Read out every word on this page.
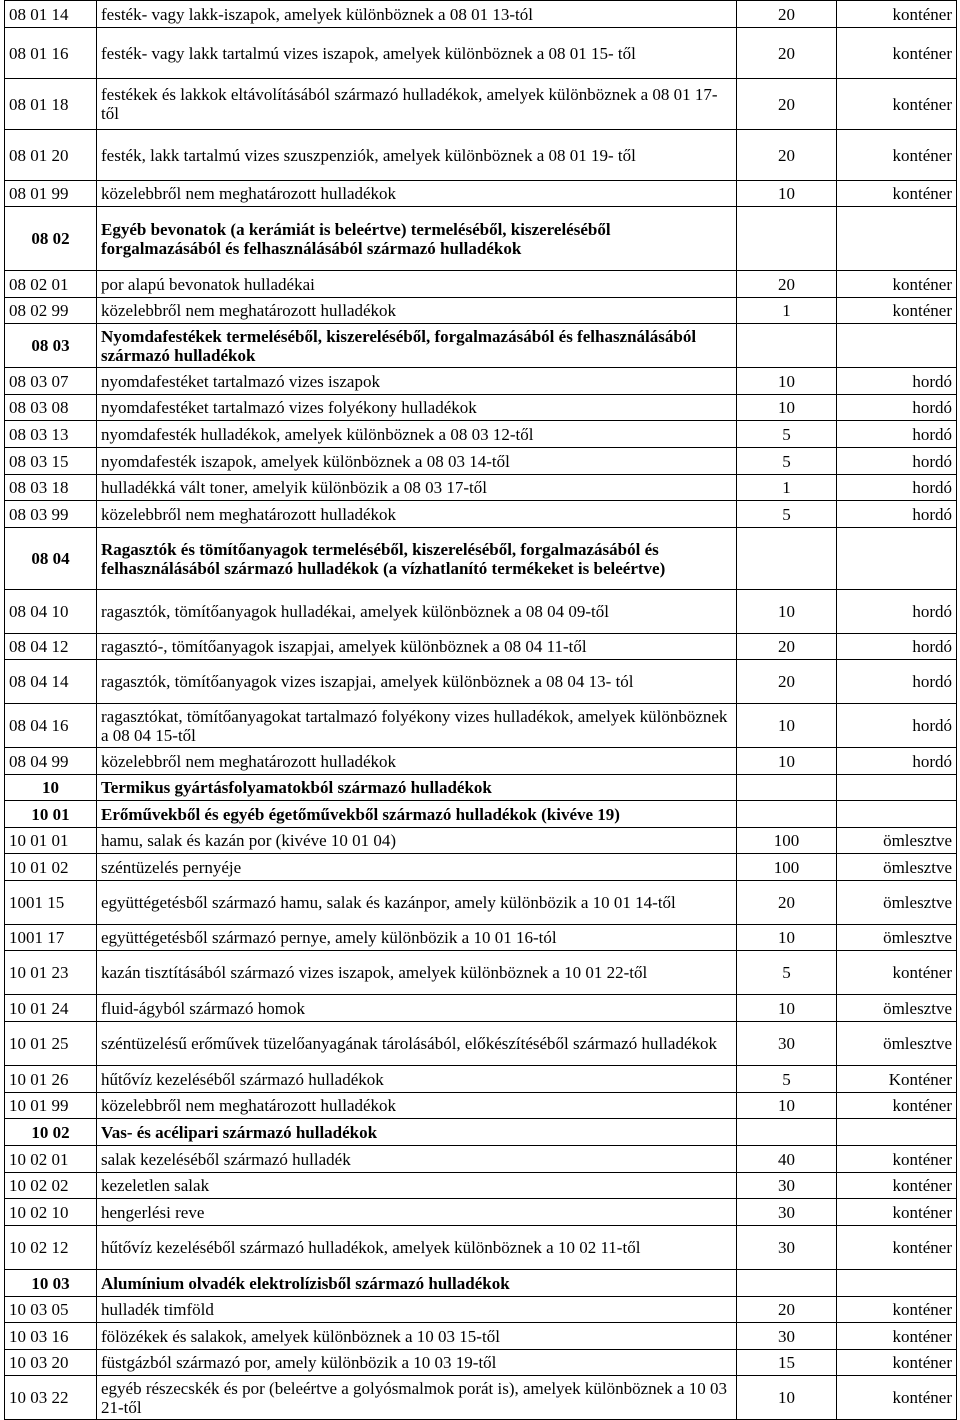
08 01 14	festék- vagy lakk-iszapok, amelyek különböznek a 08 01 13-tól	20	konténer
08 01 16	festék- vagy lakk tartalmú vizes iszapok, amelyek különböznek a 08 01 15- től	20	konténer
08 01 18	festékek és lakkok eltávolításából származó hulladékok, amelyek különböznek a 08 01 17-től	20	konténer
08 01 20	festék, lakk tartalmú vizes szuszpenziók, amelyek különböznek a 08 01 19- től	20	konténer
08 01 99	közelebbről nem meghatározott hulladékok	10	konténer
08 02	Egyéb bevonatok (a kerámiát is beleértve) termeléséből, kiszereléséből forgalmazásából és felhasználásából származó hulladékok		
08 02 01	por alapú bevonatok hulladékai	20	konténer
08 02 99	közelebbről nem meghatározott hulladékok	1	konténer
08 03	Nyomdafestékek termeléséből, kiszereléséből, forgalmazásából és felhasználásából származó hulladékok		
08 03 07	nyomdafestéket tartalmazó vizes iszapok	10	hordó
08 03 08	nyomdafestéket tartalmazó vizes folyékony hulladékok	10	hordó
08 03 13	nyomdafesték hulladékok, amelyek különböznek a 08 03 12-től	5	hordó
08 03 15	nyomdafesték iszapok, amelyek különböznek a 08 03 14-től	5	hordó
08 03 18	hulladékká vált toner, amelyik különbözik a 08 03 17-től	1	hordó
08 03 99	közelebbről nem meghatározott hulladékok	5	hordó
08 04	Ragasztók és tömítőanyagok termeléséből, kiszereléséből, forgalmazásából és felhasználásából származó hulladékok (a vízhatlanító termékeket is beleértve)		
08 04 10	ragasztók, tömítőanyagok hulladékai, amelyek különböznek a 08 04 09-től	10	hordó
08 04 12	ragasztó-, tömítőanyagok iszapjai, amelyek különböznek a 08 04 11-től	20	hordó
08 04 14	ragasztók, tömítőanyagok vizes iszapjai, amelyek különböznek a 08 04 13- tól	20	hordó
08 04 16	ragasztókat, tömítőanyagokat tartalmazó folyékony vizes hulladékok, amelyek különböznek a 08 04 15-től	10	hordó
08 04 99	közelebbről nem meghatározott hulladékok	10	hordó
10	Termikus gyártásfolyamatokból származó hulladékok		
10 01	Erőművekből és egyéb égetőművekből származó hulladékok (kivéve 19)		
10 01 01	hamu, salak és kazán por (kivéve 10 01 04)	100	ömlesztve
10 01 02	széntüzelés pernyéje	100	ömlesztve
1001 15	együttégetésből származó hamu, salak és kazánpor, amely különbözik a 10 01 14-től	20	ömlesztve
1001 17	együttégetésből származó pernye, amely különbözik a 10 01 16-tól	10	ömlesztve
10 01 23	kazán tisztításából származó vizes iszapok, amelyek különböznek a 10 01 22-től	5	konténer
10 01 24	fluid-ágyból származó homok	10	ömlesztve
10 01 25	széntüzelésű erőművek tüzelőanyagának tárolásából, előkészítéséből származó hulladékok	30	ömlesztve
10 01 26	hűtővíz kezeléséből származó hulladékok	5	Konténer
10 01 99	közelebbről nem meghatározott hulladékok	10	konténer
10 02	Vas- és acélipari származó hulladékok		
10 02 01	salak kezeléséből származó hulladék	40	konténer
10 02 02	kezeletlen salak	30	konténer
10 02 10	hengerlési reve	30	konténer
10 02 12	hűtővíz kezeléséből származó hulladékok, amelyek különböznek a 10 02 11-től	30	konténer
10 03	Alumínium olvadék elektrolízisből származó hulladékok		
10 03 05	hulladék timföld	20	konténer
10 03 16	fölözékek és salakok, amelyek különböznek a 10 03 15-től	30	konténer
10 03 20	füstgázból származó por, amely különbözik a 10 03 19-től	15	konténer
10 03 22	egyéb részecskék és por (beleértve a golyósmalmok porát is), amelyek különböznek a 10 03 21-től	10	konténer
